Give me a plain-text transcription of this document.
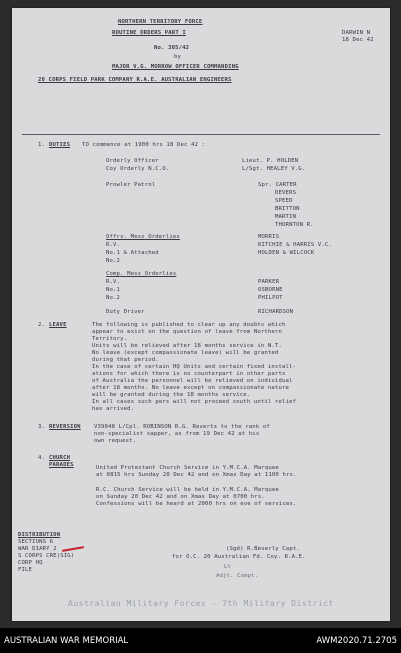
NORTHERN TERRITORY FORCE
ROUTINE ORDERS PART I	DARWIN N
18 Dec 42
No. 305/42
by
MAJOR V.G. MORROW OFFICER COMMANDING
20 CORPS FIELD PARK COMPANY R.A.E. AUSTRALIAN ENGINEERS
1. DUTIES TO commence at 1900 hrs 18 Dec 42 :
Orderly Officer	Lieut. P. HOLDEN
Coy Orderly N.C.O.	L/Sgt. HEALEY V.G.
Prowler Patrol	Spr. CARTER
DEVERS
SPEED
BRITTON
MARTIN
THORNTON R.
Offrs. Mess Orderlies	MORRIS
R.V.	RITCHIE & HARRIS V.C.
No.1 & Attached	HOLDEN & WILCOCK
No.2
Comp. Mess Orderlies
R.V.	PARKER
No.1	OSBORNE
No.2	PHILPOT
Duty Driver	RICHARDSON
2. LEAVE	The following is published to clear up any doubts which
appear to exist on the question of leave from Northern
Territory.
Units will be relieved after 18 months service in N.T.
No leave (except compassionate leave) will be granted
during that period.
In the case of certain HQ Units and certain fixed install-
ations for which there is no counterpart in other parts
of Australia the personnel will be relieved on individual
after 18 months. No leave except on compassionate nature
will be granted during the 18 months service.
In all cases such pers will not proceed south until relief
has arrived.
3. REVERSION V39048 L/Cpl. ROBINSON R.G. Reverts to the rank of
non-specialist sapper, as from 19 Dec 42 at his
own request.
4. CHURCH
PARADES	United Protestant Church Service in Y.M.C.A. Marquee
at 0815 hrs Sunday 20 Dec 42 and on Xmas Day at 1100 hrs.
R.C. Church Service will be held in Y.M.C.A. Marquee
on Sunday 20 Dec 42 and on Xmas Day at 0700 hrs.
Confessions will be heard at 2000 hrs on eve of services.
DISTRIBUTION
SECTIONS 6
WAR DIARY 2
S CORPS CRE(SIG)
CORP HQ
FILE
(Sgd) R.Beverly Capt.
for O.C. 20 Australian Fd. Coy. R.A.E.
Lt
Adjt. Compt.
Australian Military Forces - 7th Military District
AUSTRALIAN WAR MEMORIAL	AWM2020.71.2705
